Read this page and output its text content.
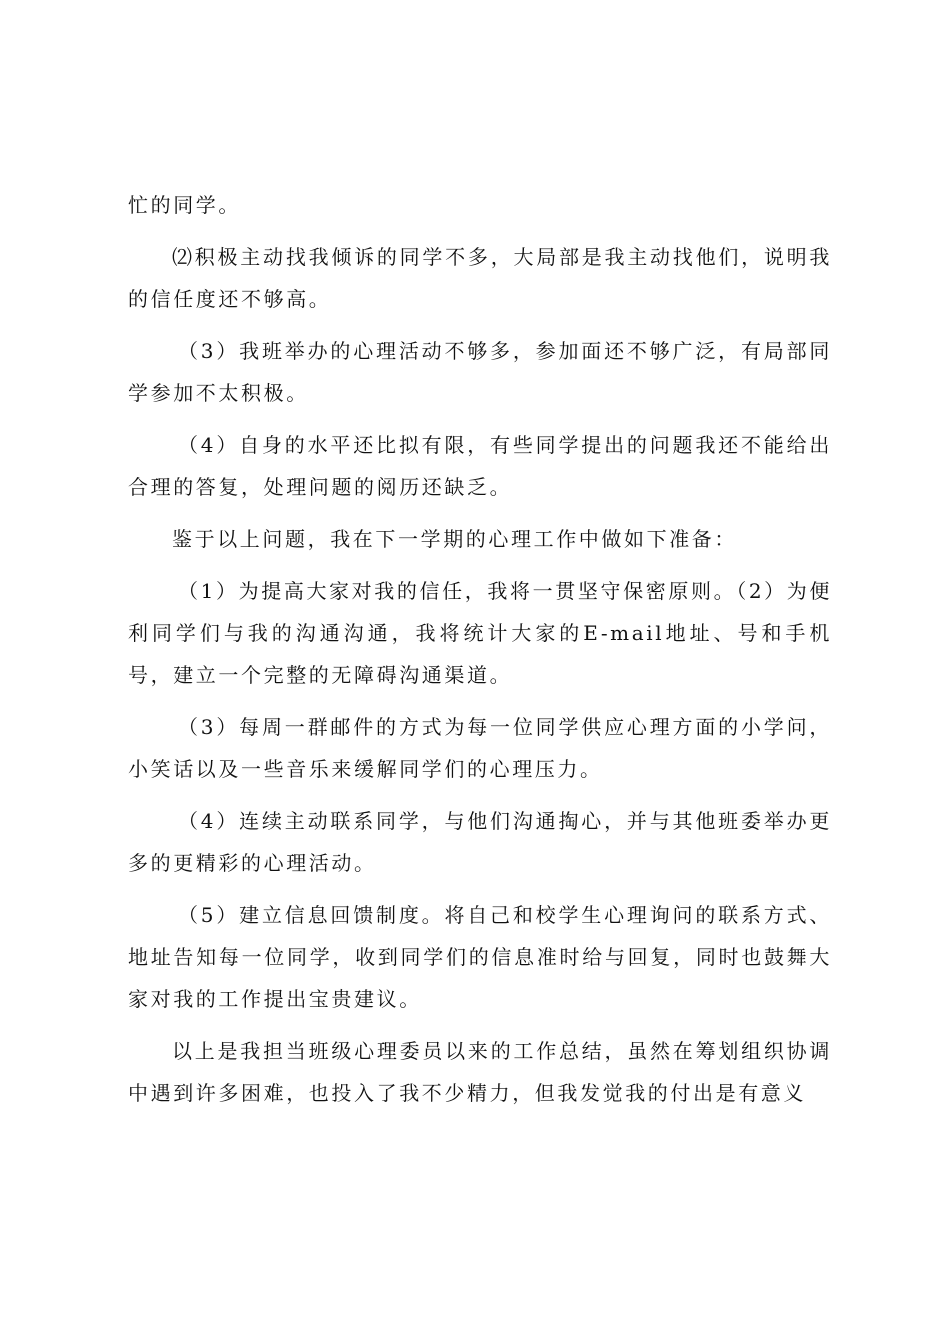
忙的同学。

⑵积极主动找我倾诉的同学不多，大局部是我主动找他们，说明我的信任度还不够高。

（3）我班举办的心理活动不够多，参加面还不够广泛，有局部同学参加不太积极。

（4）自身的水平还比拟有限，有些同学提出的问题我还不能给出合理的答复，处理问题的阅历还缺乏。

鉴于以上问题，我在下一学期的心理工作中做如下准备：

（1）为提高大家对我的信任，我将一贯坚守保密原则。（2）为便利同学们与我的沟通沟通，我将统计大家的E-mail地址、号和手机号，建立一个完整的无障碍沟通渠道。

（3）每周一群邮件的方式为每一位同学供应心理方面的小学问，小笑话以及一些音乐来缓解同学们的心理压力。

（4）连续主动联系同学，与他们沟通掏心，并与其他班委举办更多的更精彩的心理活动。

（5）建立信息回馈制度。将自己和校学生心理询问的联系方式、地址告知每一位同学，收到同学们的信息准时给与回复，同时也鼓舞大家对我的工作提出宝贵建议。

以上是我担当班级心理委员以来的工作总结，虽然在筹划组织协调中遇到许多困难，也投入了我不少精力，但我发觉我的付出是有意义
